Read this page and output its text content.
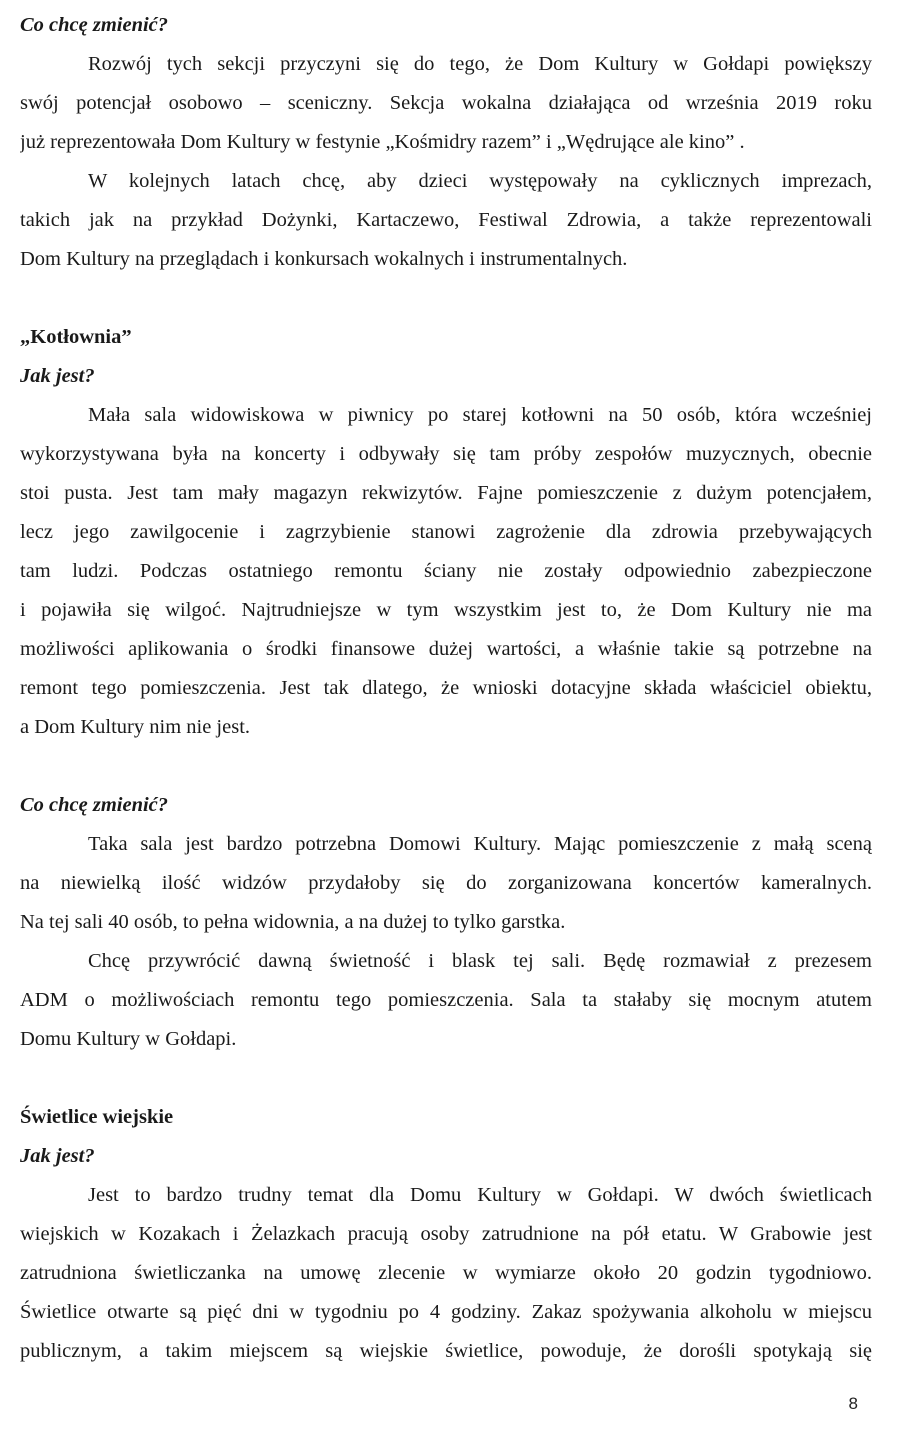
Co chcę zmienić?
Rozwój tych sekcji przyczyni się do tego, że Dom Kultury w Gołdapi powiększy
swój potencjał osobowo – sceniczny. Sekcja wokalna działająca od września 2019 roku
już reprezentowała Dom Kultury w festynie „Kośmidry razem” i „Wędrujące ale kino” .
W kolejnych latach chcę, aby dzieci występowały na cyklicznych imprezach,
takich jak na przykład Dożynki, Kartaczewo, Festiwal Zdrowia, a także reprezentowali
Dom Kultury na przeglądach i konkursach wokalnych i instrumentalnych.
„Kotłownia”
Jak jest?
Mała sala widowiskowa w piwnicy po starej kotłowni na 50 osób, która wcześniej
wykorzystywana była na koncerty i odbywały się tam próby zespołów muzycznych, obecnie
stoi pusta. Jest tam mały magazyn rekwizytów. Fajne pomieszczenie z dużym potencjałem,
lecz jego zawilgocenie i zagrzybienie stanowi zagrożenie dla zdrowia przebywających
tam ludzi. Podczas ostatniego remontu ściany nie zostały odpowiednio zabezpieczone
i pojawiła się wilgoć. Najtrudniejsze w tym wszystkim jest to, że Dom Kultury nie ma
możliwości aplikowania o środki finansowe dużej wartości, a właśnie takie są potrzebne na
remont tego pomieszczenia. Jest tak dlatego, że wnioski dotacyjne składa właściciel obiektu,
a Dom Kultury nim nie jest.
Co chcę zmienić?
Taka sala jest bardzo potrzebna Domowi Kultury. Mając pomieszczenie z małą sceną
na niewielką ilość widzów przydałoby się do zorganizowana koncertów kameralnych.
Na tej sali 40 osób, to pełna widownia, a na dużej to tylko garstka.
Chcę przywrócić dawną świetność i blask tej sali. Będę rozmawiał z prezesem
ADM o możliwościach remontu tego pomieszczenia. Sala ta stałaby się mocnym atutem
Domu Kultury w Gołdapi.
Świetlice wiejskie
Jak jest?
Jest to bardzo trudny temat dla Domu Kultury w Gołdapi. W dwóch świetlicach
wiejskich w Kozakach i Żelazkach pracują osoby zatrudnione na pół etatu. W Grabowie jest
zatrudniona świetliczanka na umowę zlecenie w wymiarze około 20 godzin tygodniowo.
Świetlice otwarte są pięć dni w tygodniu po 4 godziny. Zakaz spożywania alkoholu w miejscu
publicznym, a takim miejscem są wiejskie świetlice, powoduje, że dorośli spotykają się
8
